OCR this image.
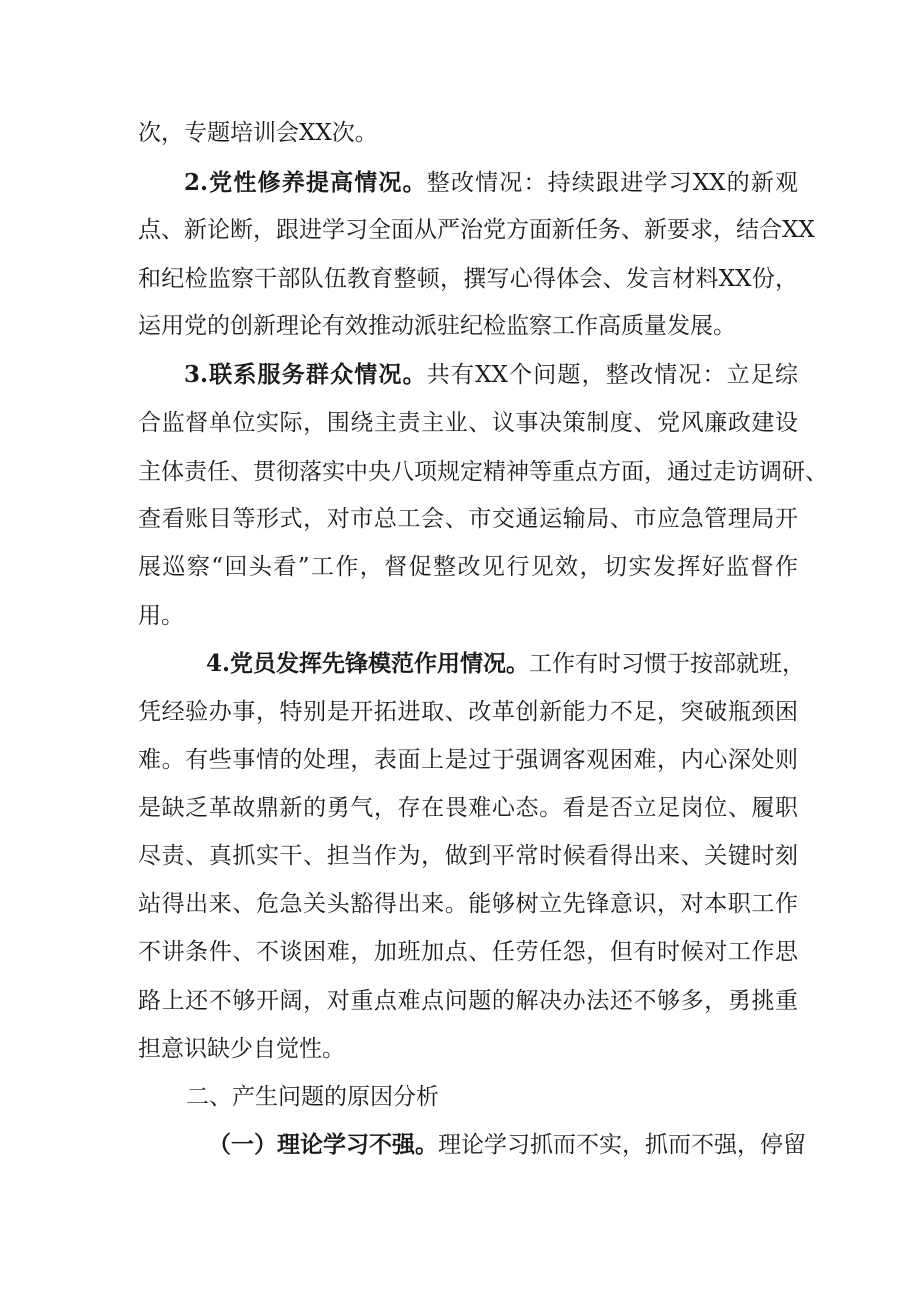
次，专题培训会XX次。
2.党性修养提高情况。整改情况：持续跟进学习XX的新观
点、新论断，跟进学习全面从严治党方面新任务、新要求，结合XX
和纪检监察干部队伍教育整顿，撰写心得体会、发言材料XX份，
运用党的创新理论有效推动派驻纪检监察工作高质量发展。
3.联系服务群众情况。共有XX个问题，整改情况：立足综
合监督单位实际，围绕主责主业、议事决策制度、党风廉政建设
主体责任、贯彻落实中央八项规定精神等重点方面，通过走访调研、
查看账目等形式，对市总工会、市交通运输局、市应急管理局开
展巡察“回头看”工作，督促整改见行见效，切实发挥好监督作
用。
4.党员发挥先锋模范作用情况。工作有时习惯于按部就班，
凭经验办事，特别是开拓进取、改革创新能力不足，突破瓶颈困
难。有些事情的处理，表面上是过于强调客观困难，内心深处则
是缺乏革故鼎新的勇气，存在畏难心态。看是否立足岗位、履职
尽责、真抓实干、担当作为，做到平常时候看得出来、关键时刻
站得出来、危急关头豁得出来。能够树立先锋意识，对本职工作
不讲条件、不谈困难，加班加点、任劳任怨，但有时候对工作思
路上还不够开阔，对重点难点问题的解决办法还不够多，勇挑重
担意识缺少自觉性。
二、产生问题的原因分析
（一）理论学习不强。理论学习抓而不实，抓而不强，停留
